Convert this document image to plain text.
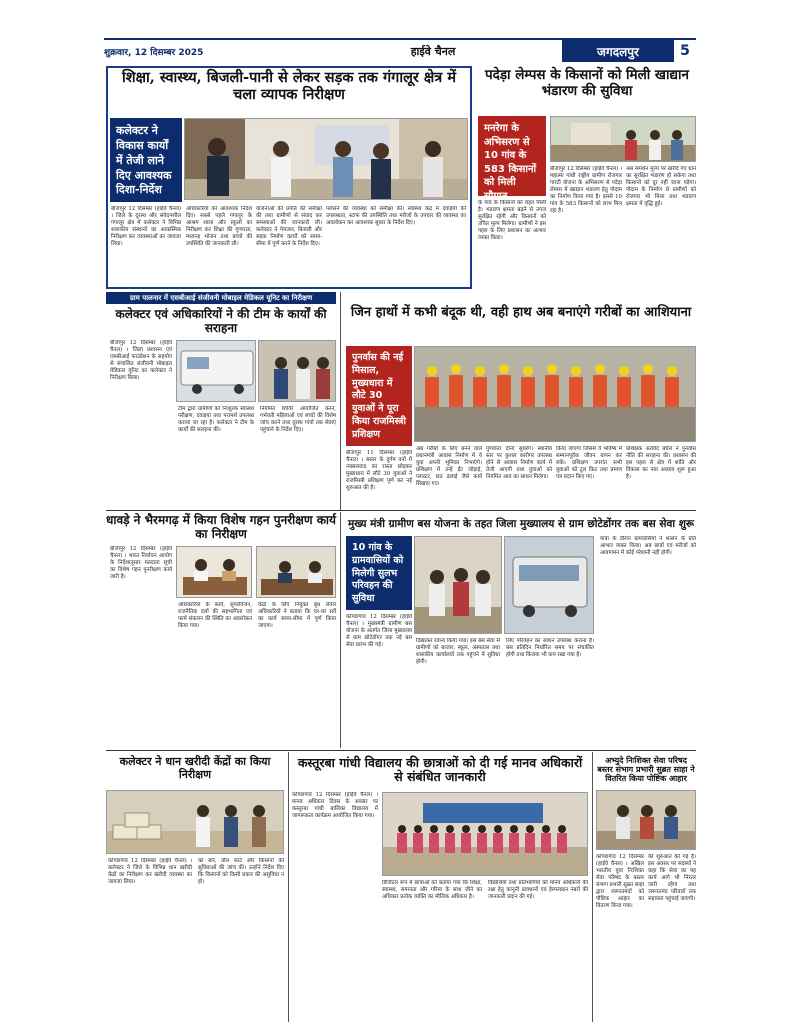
शुक्रवार, 12 दिसम्बर 2025	हाईवे चैनल	जगदलपुर	5
शिक्षा, स्वास्थ्य, बिजली-पानी से लेकर सड़क तक गंगालूर क्षेत्र में चला व्यापक निरीक्षण
कलेक्टर ने विकास कार्यों में तेजी लाने दिए आवश्यक दिशा-निर्देश
बीजापुर 12 दिसम्बर (हाईवे चैनल) । जिले के दूरस्थ और संवेदनशील गंगालूर क्षेत्र में कलेक्टर ने विभिन्न शासकीय संस्थानों का आकस्मिक निरीक्षण कर व्यवस्थाओं का जायजा लिया।
अधिकारियों को आवश्यक निर्देश दिए। सबसे पहले गंगालूर के आश्रम शाला और स्कूलों का निरीक्षण कर शिक्षा की गुणवत्ता, मध्यान्ह भोजन तथा बच्चों की उपस्थिति की जानकारी ली।
योजनाओं की प्रगति की समीक्षा की तथा ग्रामीणों से संवाद कर समस्याओं की जानकारी ली। कलेक्टर ने पेयजल, बिजली और सड़क निर्माण कार्यों को समय-सीमा में पूर्ण करने के निर्देश दिए।
परोसने की व्यवस्था को समीक्षा की। स्वास्थ्य केंद्र में दवाइयों की उपलब्धता, स्टाफ की उपस्थिति तथा मरीजों के उपचार की व्यवस्था का अवलोकन कर आवश्यक सुधार के निर्देश दिए।
पदेड़ा लेम्पस के किसानों को मिली खाद्यान भंडारण की सुविधा
मनरेगा के अभिसरण से 10 गांव के 583 किसानों को मिली सौगात
बीजापुर 12 दिसम्बर (हाईवे चैनल) । महात्मा गांधी राष्ट्रीय ग्रामीण रोजगार गारंटी योजना के अभिसरण से पदेड़ा लेम्पस में खाद्यान भंडारण हेतु गोदाम का निर्माण किया गया है। इससे 10 गांव के 583 किसानों को लाभ मिल रहा है।
अब समर्थन मूल्य पर खरीदे गए धान का सुरक्षित भंडारण हो सकेगा तथा किसानों को दूर नहीं जाना पड़ेगा। गोदाम के निर्माण से ग्रामीणों को रोजगार भी मिला तथा भंडारण क्षमता में वृद्धि हुई।
के गांव के किसानों को राहत मिली है। भंडारण क्षमता बढ़ने से उपज सुरक्षित रहेगी और किसानों को उचित मूल्य मिलेगा। ग्रामीणों ने इस पहल के लिए प्रशासन का आभार व्यक्त किया।
ग्राम पालनार में एसबीआई संजीवनी मोबाइल मेडिकल यूनिट का निरीक्षण
कलेक्टर एवं अधिकारियों ने की टीम के कार्यों की सराहना
बीजापुर 12 दिसम्बर (हाईवे चैनल) । जिला प्रशासन एवं एसबीआई फाउंडेशन के सहयोग से संचालित संजीवनी मोबाइल मेडिकल यूनिट का कलेक्टर ने निरीक्षण किया।
टीम द्वारा ग्रामीणों को निःशुल्क स्वास्थ्य परीक्षण, दवाइयां तथा परामर्श उपलब्ध कराया जा रहा है। कलेक्टर ने टीम के कार्यों की सराहना की।
नियमित शिविर आयोजित करने, गर्भवती महिलाओं एवं बच्चों की विशेष जांच करने तथा दूरस्थ गांवों तक सेवाएं पहुंचाने के निर्देश दिए।
जिन हाथों में कभी बंदूक थी, वही हाथ अब बनाएंगे गरीबों का आशियाना
पुनर्वास की नई मिसाल, मुख्यधारा में लौटे 30 युवाओं ने पूरा किया राजमिस्त्री प्रशिक्षण
बीजापुर 11 दिसम्बर (हाईवे चैनल) । बस्तर के दुर्गम वनों में नक्सलवाद का रास्ता छोड़कर मुख्यधारा में लौटे 30 युवाओं ने राजमिस्त्री प्रशिक्षण पूर्ण कर नई शुरुआत की है।
अब गरीबों के लिए बनने वाले प्रधानमंत्री आवास निर्माण में ये युवा अपनी भूमिका निभाएंगे। प्रशिक्षण में उन्हें ईंट जोड़ाई, प्लास्टर, छत ढलाई जैसे कार्य सिखाए गए।
गुणवत्ता दोनों सुधरेंगे। स्थानीय स्तर पर कुशल कारीगर उपलब्ध होने से आवास निर्माण कार्य में तेजी आएगी तथा युवाओं को नियमित आय का साधन मिलेगा।
किया जाएगा जिससे वे भविष्य में सम्मानपूर्वक जीवन यापन कर सकें। प्रशिक्षण उपरांत सभी युवाओं को टूल किट तथा प्रमाण पत्र प्रदान किए गए।
प्रशिक्षक अरविंद बघेल ने पुनर्वास नीति की सराहना की। प्रशासन की इस पहल से क्षेत्र में शांति और विकास का नया अध्याय शुरू हुआ है।
धावड़े ने भैरमगढ़ में किया विशेष गहन पुनरीक्षण कार्य का निरीक्षण
बीजापुर 12 दिसम्बर (हाईवे चैनल) । भारत निर्वाचन आयोग के निर्देशानुसार मतदाता सूची का विशेष गहन पुनरीक्षण कार्य जारी है।
अधिकारियों के कार्य, सुपरविजन, राजनैतिक दलों की सहभागिता एवं फार्म संकलन की स्थिति का अवलोकन किया गया।
केंद्रों के लिए नियुक्त बूथ लेवल अधिकारियों ने बताया कि घर-घर सर्वे का कार्य समय-सीमा में पूर्ण किया जाएगा।
मुख्य मंत्री ग्रामीण बस योजना के तहत जिला मुख्यालय से ग्राम छोटेडोंगर तक बस सेवा शुरू
10 गांव के ग्रामवासियों को मिलेगी सुलभ परिवहन की सुविधा
कोण्डागांव 12 दिसम्बर (हाईवे चैनल) । मुख्यमंत्री ग्रामीण बस योजना के अंतर्गत जिला मुख्यालय से ग्राम छोटेडोंगर तक नई बस सेवा प्रारंभ की गई।
दिखाकर रवाना किया गया। इस बस सेवा से ग्रामीणों को बाजार, स्कूल, अस्पताल तथा शासकीय कार्यालयों तक पहुंचने में सुविधा होगी।
लिए परिवहन का साधन उपलब्ध कराना है। बस प्रतिदिन निर्धारित समय पर संचालित होगी तथा किराया भी कम रखा गया है।
यात्रा के दौरान ग्रामवासियों ने शासन के प्रति आभार व्यक्त किया। अब छात्रों एवं मरीजों को आवागमन में कोई परेशानी नहीं होगी।
कलेक्टर ने धान खरीदी केंद्रों का किया निरीक्षण
कोण्डागांव 12 दिसम्बर (हाईवे चैनल) । कलेक्टर ने जिले के विभिन्न धान खरीदी केंद्रों का निरीक्षण कर खरीदी व्यवस्था का जायजा लिया।
को बोरे, तौल कांटे और किसानों की सुविधाओं की जांच की। उन्होंने निर्देश दिए कि किसानों को किसी प्रकार की असुविधा न हो।
कस्तूरबा गांधी विद्यालय की छात्राओं को दी गई मानव अधिकारों से संबंधित जानकारी
कोण्डागांव 12 दिसम्बर (हाईवे चैनल) । मानव अधिकार दिवस के अवसर पर कस्तूरबा गांधी बालिका विद्यालय में जागरूकता कार्यक्रम आयोजित किया गया।
डिजिटल रूप में छात्राओं को बताया गया कि शिक्षा, स्वास्थ्य, समानता और गरिमा के साथ जीने का अधिकार प्रत्येक व्यक्ति का मौलिक अधिकार है।
विद्यार्थियों तथा प्रतिभागियों को मानव अधिकारों की रक्षा हेतु कानूनी प्रावधानों एवं हेल्पलाइन नंबरों की जानकारी प्रदान की गई।
अभ्युदे निःशिक्त सेवा परिषद बस्तर संभाग प्रभारी सुब्रत साहा ने वितरित किया पोष्टिक आहार
कोण्डागांव 12 दिसम्बर (हाईवे चैनल) । अखिल भारतीय युवा निःशिक्त सेवा परिषद के बस्तर संभाग प्रभारी सुब्रत साहा द्वारा जरूरतमंदों को पौष्टिक आहार का वितरण किया गया।
की शुरुआत की गई है। इस अवसर पर सदस्यों ने कहा कि सेवा का यह कार्य आगे भी निरंतर जारी रहेगा तथा जरूरतमंद परिवारों तक सहायता पहुंचाई जाएगी।
